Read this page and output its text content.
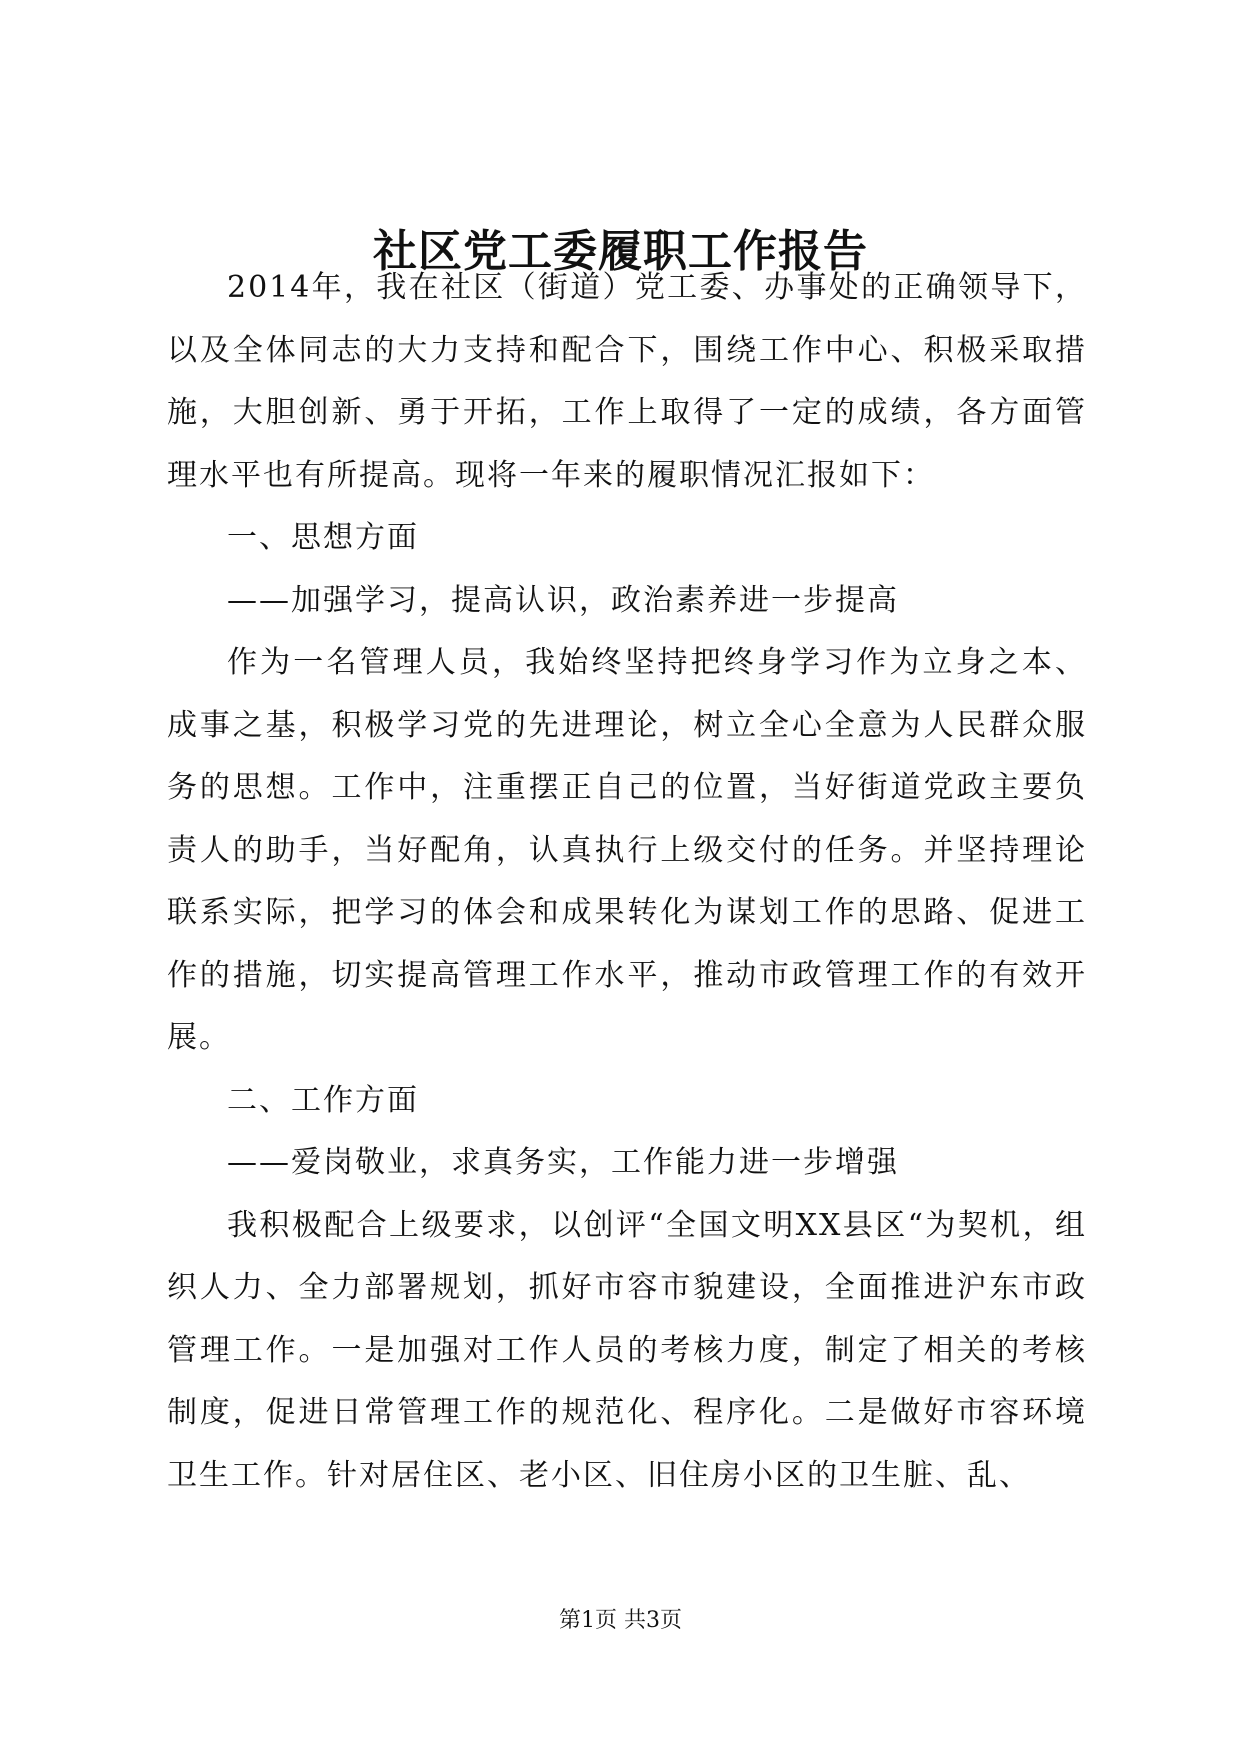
社区党工委履职工作报告

2014年，我在社区（街道）党工委、办事处的正确领导下，以及全体同志的大力支持和配合下，围绕工作中心、积极采取措施，大胆创新、勇于开拓，工作上取得了一定的成绩，各方面管理水平也有所提高。现将一年来的履职情况汇报如下：

一、思想方面

——加强学习，提高认识，政治素养进一步提高

作为一名管理人员，我始终坚持把终身学习作为立身之本、成事之基，积极学习党的先进理论，树立全心全意为人民群众服务的思想。工作中，注重摆正自己的位置，当好街道党政主要负责人的助手，当好配角，认真执行上级交付的任务。并坚持理论联系实际，把学习的体会和成果转化为谋划工作的思路、促进工作的措施，切实提高管理工作水平，推动市政管理工作的有效开展。

二、工作方面

——爱岗敬业，求真务实，工作能力进一步增强

我积极配合上级要求，以创评“全国文明XX县区“为契机，组织人力、全力部署规划，抓好市容市貌建设，全面推进沪东市政管理工作。一是加强对工作人员的考核力度，制定了相关的考核制度，促进日常管理工作的规范化、程序化。二是做好市容环境卫生工作。针对居住区、老小区、旧住房小区的卫生脏、乱、

第1页 共3页
